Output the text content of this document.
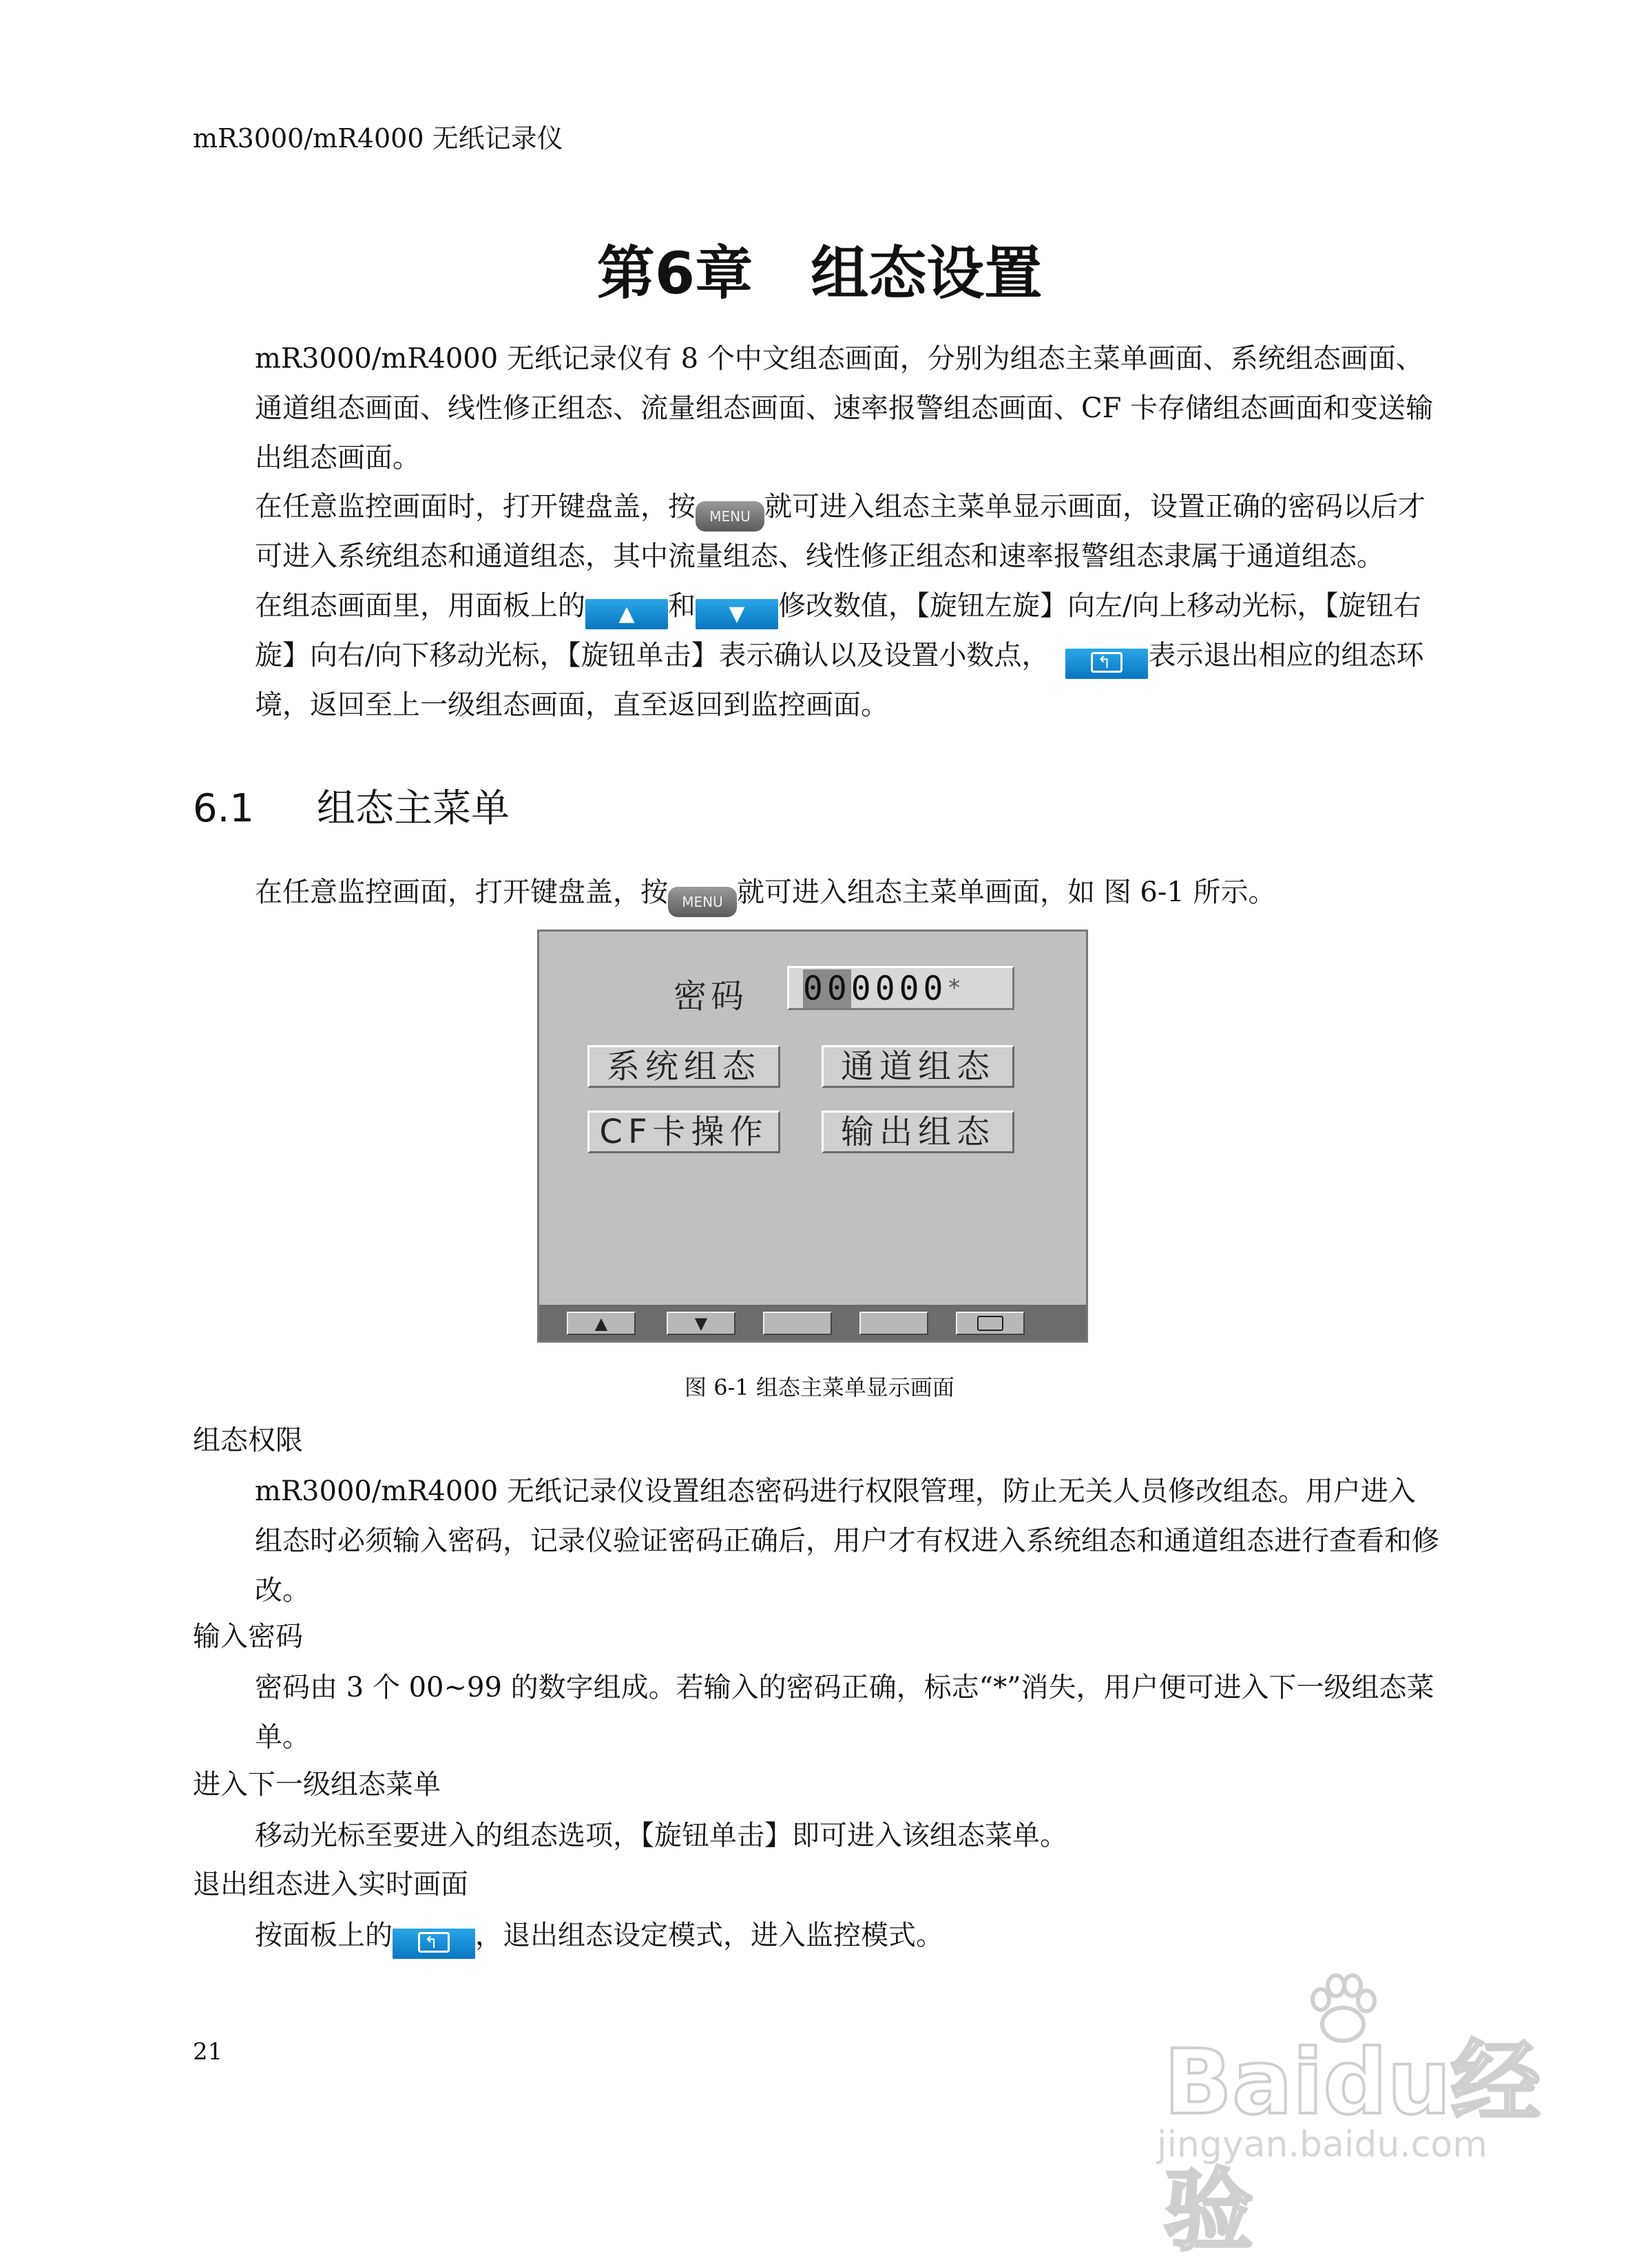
mR3000/mR4000 无纸记录仪
第6章　组态设置
mR3000/mR4000 无纸记录仪有 8 个中文组态画面，分别为组态主菜单画面、系统组态画面、通道组态画面、线性修正组态、流量组态画面、速率报警组态画面、CF 卡存储组态画面和变送输出组态画面。
在任意监控画面时，打开键盘盖，按 MENU 就可进入组态主菜单显示画面，设置正确的密码以后才可进入系统组态和通道组态，其中流量组态、线性修正组态和速率报警组态隶属于通道组态。
在组态画面里，用面板上的 ▲ 和 ▼ 修改数值，【旋钮左旋】向左/向上移动光标，【旋钮右旋】向右/向下移动光标，【旋钮单击】表示确认以及设置小数点， ↰	表示退出相应的组态环境，返回至上一级组态画面，直至返回到监控画面。
6.1 组态主菜单
在任意监控画面，打开键盘盖，按 MENU 就可进入组态主菜单画面，如 图 6-1 所示。
密码	000000*
系统组态	通道组态
CF卡操作	输出组态
▲	▼
图 6-1 组态主菜单显示画面
组态权限
mR3000/mR4000 无纸记录仪设置组态密码进行权限管理，防止无关人员修改组态。用户进入组态时必须输入密码，记录仪验证密码正确后，用户才有权进入系统组态和通道组态进行查看和修改。
输入密码
密码由 3 个 00~99 的数字组成。若输入的密码正确，标志“*”消失，用户便可进入下一级组态菜单。
进入下一级组态菜单
移动光标至要进入的组态选项，【旋钮单击】即可进入该组态菜单。
退出组态进入实时画面
按面板上的 ↰	，退出组态设定模式，进入监控模式。
21	Baidu经验
jingyan.baidu.com
